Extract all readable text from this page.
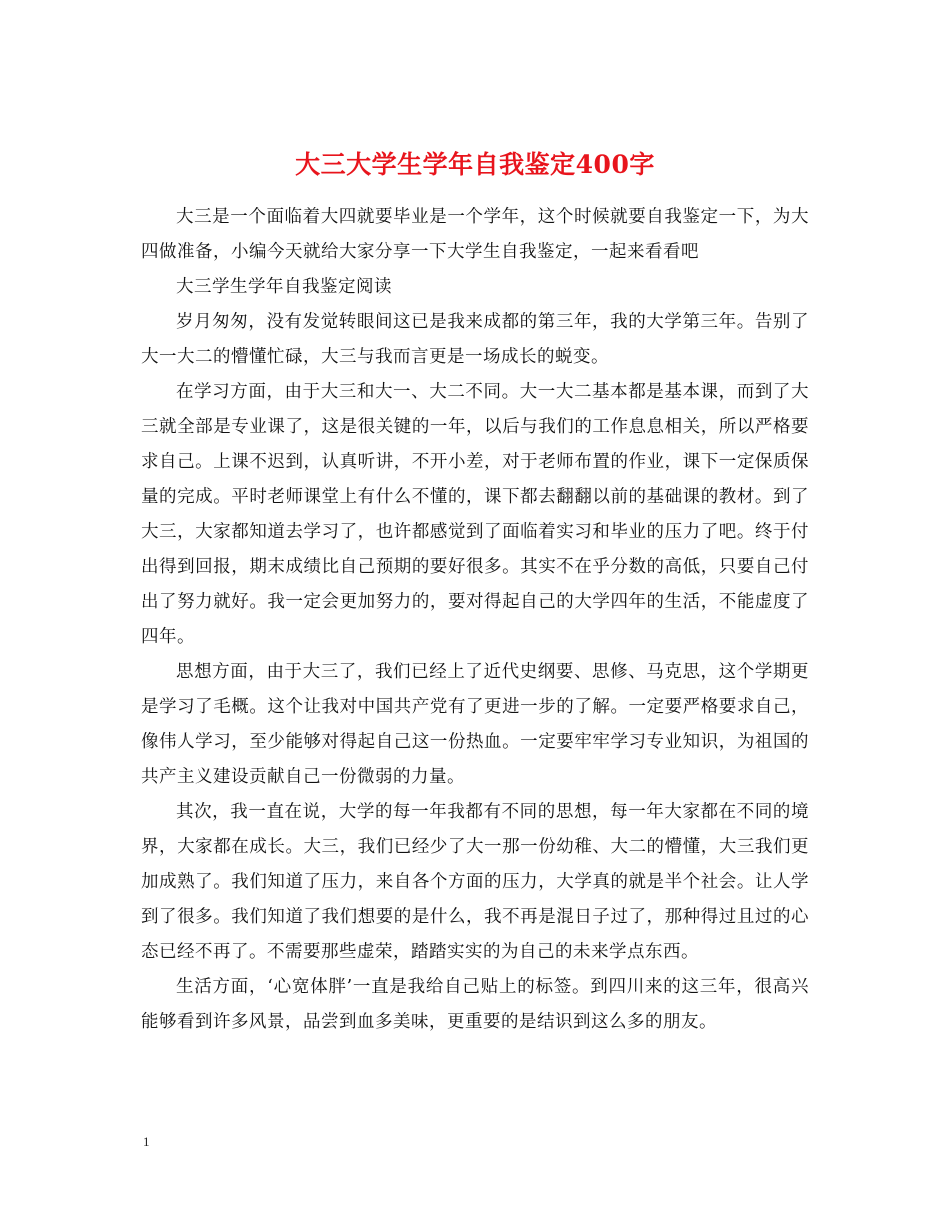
大三大学生学年自我鉴定400字

大三是一个面临着大四就要毕业是一个学年，这个时候就要自我鉴定一下，为大四做准备，小编今天就给大家分享一下大学生自我鉴定，一起来看看吧

大三学生学年自我鉴定阅读

岁月匆匆，没有发觉转眼间这已是我来成都的第三年，我的大学第三年。告别了大一大二的懵懂忙碌，大三与我而言更是一场成长的蜕变。

在学习方面，由于大三和大一、大二不同。大一大二基本都是基本课，而到了大三就全部是专业课了，这是很关键的一年，以后与我们的工作息息相关，所以严格要求自己。上课不迟到，认真听讲，不开小差，对于老师布置的作业，课下一定保质保量的完成。平时老师课堂上有什么不懂的，课下都去翻翻以前的基础课的教材。到了大三，大家都知道去学习了，也许都感觉到了面临着实习和毕业的压力了吧。终于付出得到回报，期末成绩比自己预期的要好很多。其实不在乎分数的高低，只要自己付出了努力就好。我一定会更加努力的，要对得起自己的大学四年的生活，不能虚度了四年。

思想方面，由于大三了，我们已经上了近代史纲要、思修、马克思，这个学期更是学习了毛概。这个让我对中国共产党有了更进一步的了解。一定要严格要求自己，像伟人学习，至少能够对得起自己这一份热血。一定要牢牢学习专业知识，为祖国的共产主义建设贡献自己一份微弱的力量。

其次，我一直在说，大学的每一年我都有不同的思想，每一年大家都在不同的境界，大家都在成长。大三，我们已经少了大一那一份幼稚、大二的懵懂，大三我们更加成熟了。我们知道了压力，来自各个方面的压力，大学真的就是半个社会。让人学到了很多。我们知道了我们想要的是什么，我不再是混日子过了，那种得过且过的心态已经不再了。不需要那些虚荣，踏踏实实的为自己的未来学点东西。

生活方面，‘心宽体胖’一直是我给自己贴上的标签。到四川来的这三年，很高兴能够看到许多风景，品尝到血多美味，更重要的是结识到这么多的朋友。

1
